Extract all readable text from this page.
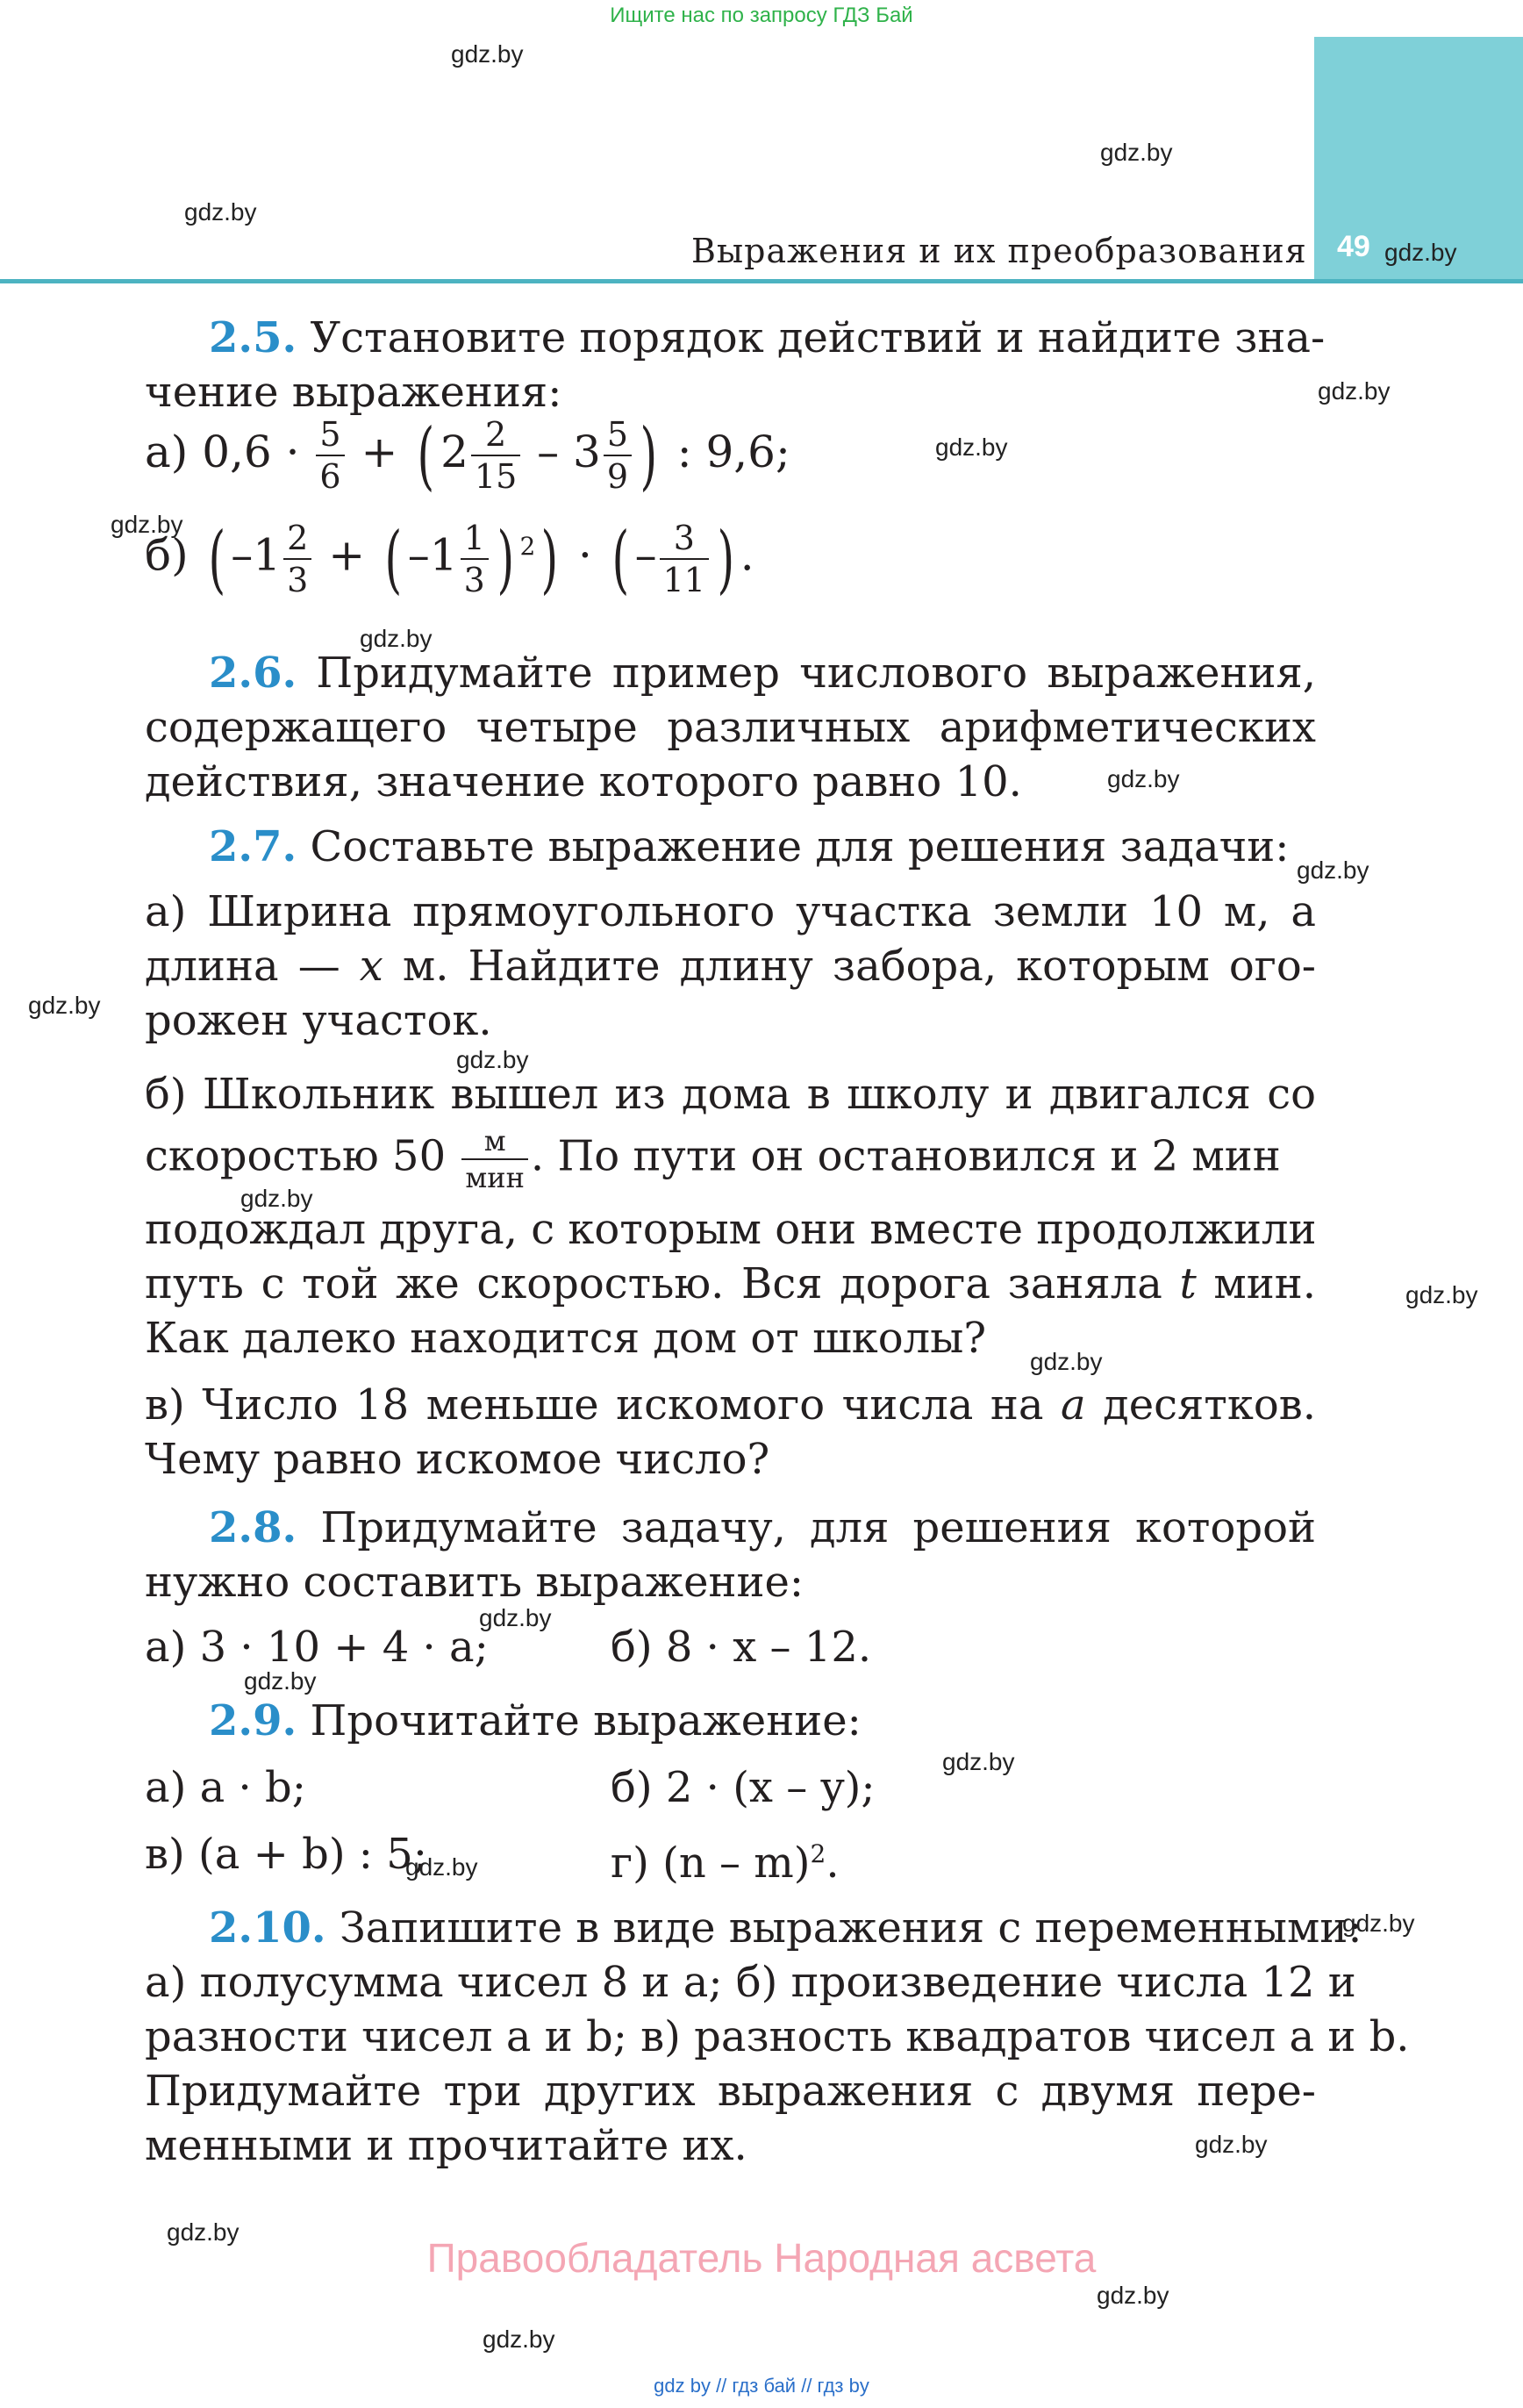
Ищите нас по запросу ГДЗ Бай
49
Выражения и их преобразования
gdz.by
gdz.by
gdz.by
gdz.by
gdz.by
gdz.by
gdz.by
gdz.by
gdz.by
gdz.by
gdz.by
gdz.by
gdz.by
gdz.by
gdz.by
gdz.by
gdz.by
gdz.by
gdz.by
gdz.by
gdz.by
gdz.by
gdz.by
gdz.by
2.5. Установите порядок действий и найдите зна-
чение выражения:
а) $0,6 \cdot \frac{5}{6}$ + ( $2 \frac{2}{15} - 3 \frac{5}{9}$ ) : 9,6;
б) ( $-1 \frac{2}{3}$ + ( $-1 \frac{1}{3}$ ) $^2$) · ( – $\frac{3}{11}$ ) .
2.6. Придумайте пример числового выражения,
содержащего четыре различных арифметических
действия, значение которого равно 10.
2.7. Составьте выражение для решения задачи:
а) Ширина прямоугольного участка земли 10 м, а
длина — x м. Найдите длину забора, которым ого-
рожен участок.
б) Школьник вышел из дома в школу и двигался со
скоростью $50 \frac{м}{\text{мин}}$ . По пути он остановился и 2 мин
подождал друга, с которым они вместе продолжили
путь с той же скоростью. Вся дорога заняла t мин.
Как далеко находится дом от школы?
в) Число 18 меньше искомого числа на a десятков.
Чему равно искомое число?
2.8. Придумайте задачу, для решения которой
нужно составить выражение:
а) 3 · 10 + 4 · a;	б) 8 · x – 12.
2.9. Прочитайте выражение:
а) a · b;	б) 2 · (x – y);
в) (a + b) : 5;	г) (n – m)$^2$.
2.10. Запишите в виде выражения с переменными:
а) полусумма чисел 8 и a; б) произведение числа 12 и
разности чисел a и b; в) разность квадратов чисел a и b.
Придумайте три других выражения с двумя пере-
менными и прочитайте их.
Правообладатель Народная асвета
gdz by // гдз бай // гдз by
